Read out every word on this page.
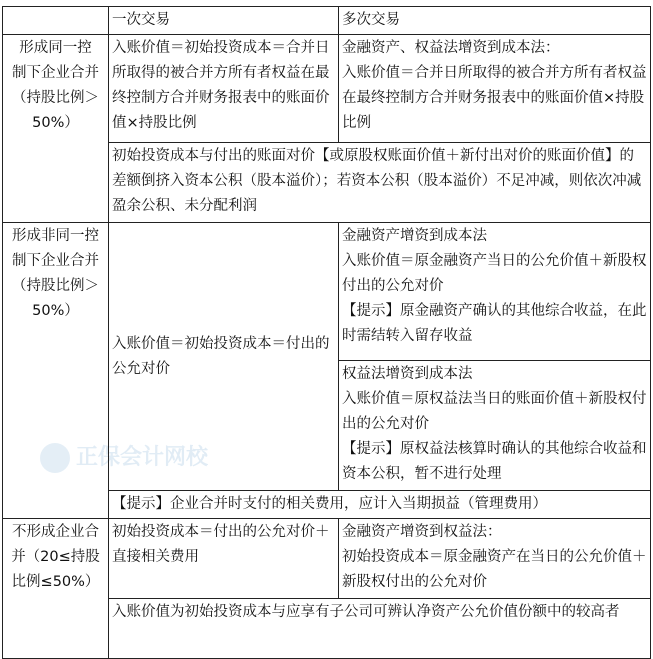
正保会计网校
	一次交易	多次交易

形成同一控
制下企业合并
（持股比例＞
50%）	入账价值＝初始投资成本＝合并日所取得的被合并方所有者权益在最终控制方合并财务报表中的账面价值×持股比例	金融资产、权益法增资到成本法：
入账价值＝合并日所取得的被合并方所有者权益在最终控制方合并财务报表中的账面价值×持股比例

	初始投资成本与付出的账面对价【或原股权账面价值＋新付出对价的账面价值】的差额倒挤入资本公积（股本溢价）；若资本公积（股本溢价）不足冲减，则依次冲减盈余公积、未分配利润	

形成非同一控
制下企业合并
（持股比例＞
50%）	入账价值＝初始投资成本＝付出的公允对价	金融资产增资到成本法
入账价值＝原金融资产当日的公允价值＋新股权付出的公允对价
【提示】原金融资产确认的其他综合收益，在此时需结转入留存收益

		权益法增资到成本法
入账价值＝原权益法当日的账面价值＋新股权付出的公允对价
【提示】原权益法核算时确认的其他综合收益和资本公积，暂不进行处理

	【提示】企业合并时支付的相关费用，应计入当期损益（管理费用）	

不形成企业合
并（20≤持股
比例≤50%）	初始投资成本＝付出的公允对价＋直接相关费用	金融资产增资到权益法：
初始投资成本＝原金融资产在当日的公允价值＋新股权付出的公允对价

	入账价值为初始投资成本与应享有子公司可辨认净资产公允价值份额中的较高者	
